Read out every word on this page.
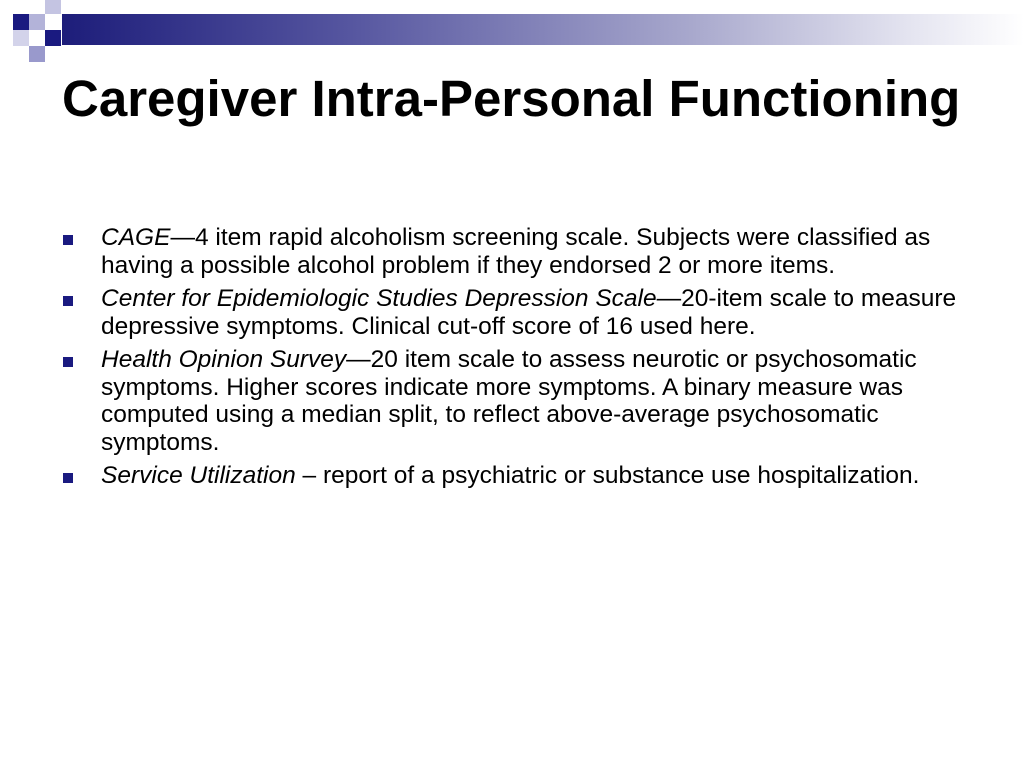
Caregiver Intra-Personal Functioning
CAGE—4 item rapid alcoholism screening scale. Subjects were classified as having a possible alcohol problem if they endorsed 2 or more items.
Center for Epidemiologic Studies Depression Scale—20-item scale to measure depressive symptoms. Clinical cut-off score of 16 used here.
Health Opinion Survey—20 item scale to assess neurotic or psychosomatic symptoms. Higher scores indicate more symptoms. A binary measure was computed using a median split, to reflect above-average psychosomatic symptoms.
Service Utilization – report of a psychiatric or substance use hospitalization.
